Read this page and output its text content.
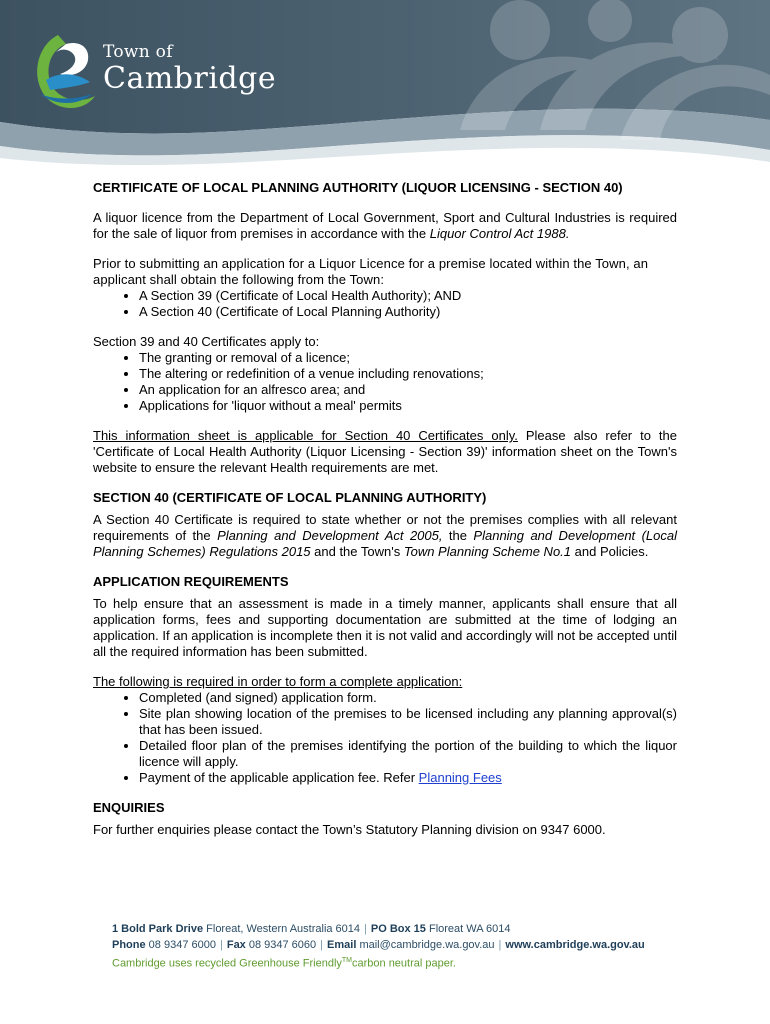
Town of
Cambridge
CERTIFICATE OF LOCAL PLANNING AUTHORITY (LIQUOR LICENSING - SECTION 40)
A liquor licence from the Department of Local Government, Sport and Cultural Industries is required for the sale of liquor from premises in accordance with the Liquor Control Act 1988.
Prior to submitting an application for a Liquor Licence for a premise located within the Town, an applicant shall obtain the following from the Town:
• A Section 39 (Certificate of Local Health Authority); AND
• A Section 40 (Certificate of Local Planning Authority)
Section 39 and 40 Certificates apply to:
• The granting or removal of a licence;
• The altering or redefinition of a venue including renovations;
• An application for an alfresco area; and
• Applications for 'liquor without a meal' permits
This information sheet is applicable for Section 40 Certificates only. Please also refer to the 'Certificate of Local Health Authority (Liquor Licensing - Section 39)' information sheet on the Town's website to ensure the relevant Health requirements are met.
SECTION 40 (CERTIFICATE OF LOCAL PLANNING AUTHORITY)
A Section 40 Certificate is required to state whether or not the premises complies with all relevant requirements of the Planning and Development Act 2005, the Planning and Development (Local Planning Schemes) Regulations 2015 and the Town's Town Planning Scheme No.1 and Policies.
APPLICATION REQUIREMENTS
To help ensure that an assessment is made in a timely manner, applicants shall ensure that all application forms, fees and supporting documentation are submitted at the time of lodging an application. If an application is incomplete then it is not valid and accordingly will not be accepted until all the required information has been submitted.
The following is required in order to form a complete application:
• Completed (and signed) application form.
• Site plan showing location of the premises to be licensed including any planning approval(s) that has been issued.
• Detailed floor plan of the premises identifying the portion of the building to which the liquor licence will apply.
• Payment of the applicable application fee. Refer Planning Fees
ENQUIRIES
For further enquiries please contact the Town’s Statutory Planning division on 9347 6000.
1 Bold Park Drive Floreat, Western Australia 6014 | PO Box 15 Floreat WA 6014
Phone 08 9347 6000 | Fax 08 9347 6060 | Email mail@cambridge.wa.gov.au | www.cambridge.wa.gov.au
Cambridge uses recycled Greenhouse Friendly™carbon neutral paper.
